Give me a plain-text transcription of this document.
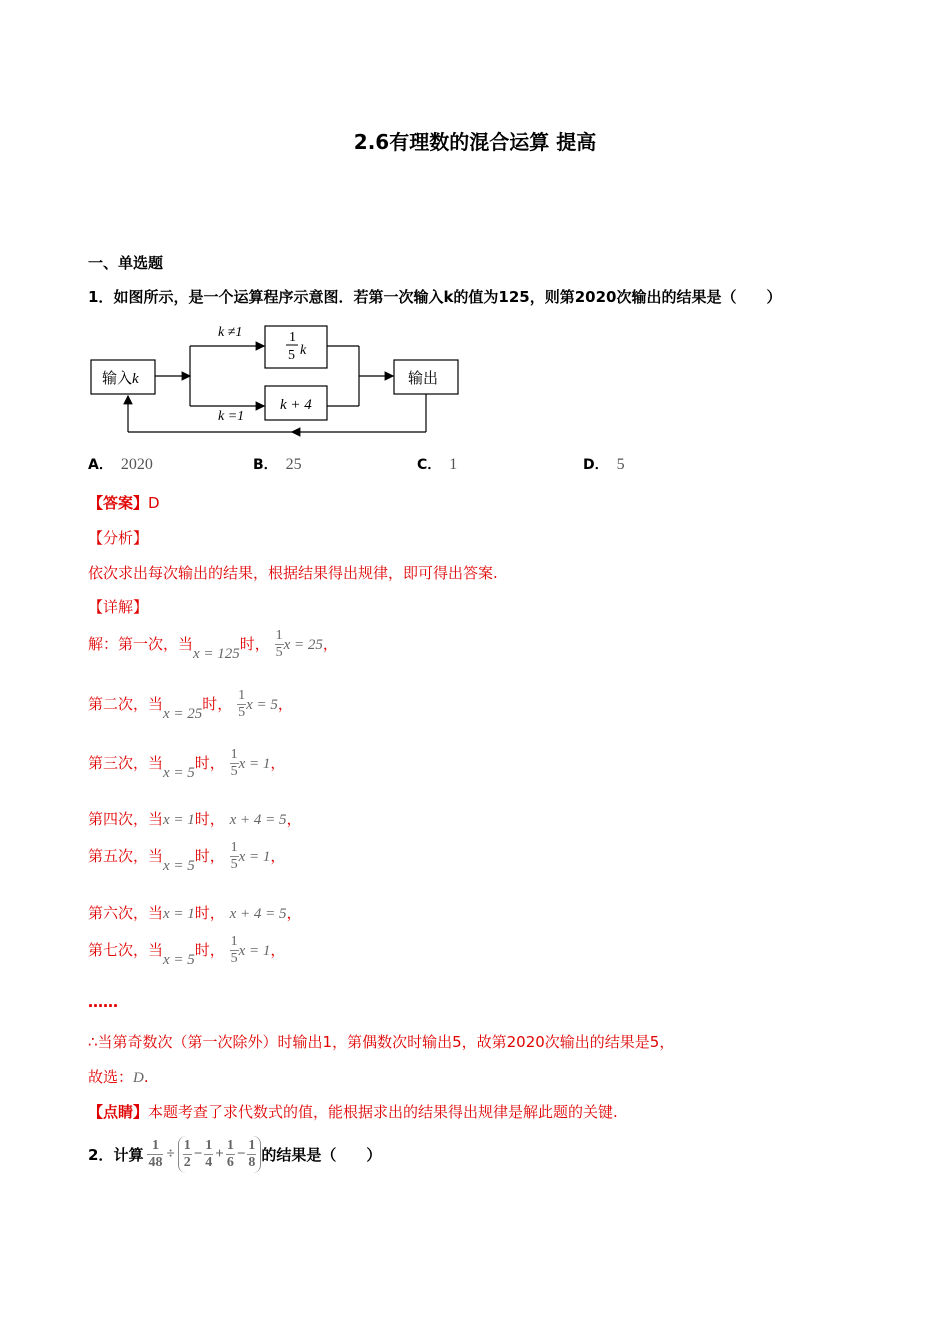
2.6有理数的混合运算 提高
一、单选题
1．如图所示，是一个运算程序示意图．若第一次输入k的值为125，则第2020次输出的结果是（　　）
输入k
k ≠1
k =1
1
5 k
k + 4
输出
A． 2020	B． 25	C． 1	D． 5
【答案】D
【分析】
依次求出每次输出的结果，根据结果得出规律，即可得出答案.
【详解】
解：第一次，当x = 125时， $\frac{1}{5}$ x = 25，
第二次，当x = 25时， $\frac{1}{5}$ x = 5，
第三次，当x = 5时， $\frac{1}{5}$ x = 1，
第四次，当x = 1时， x + 4 = 5，
第五次，当x = 5时， $\frac{1}{5}$ x = 1，
第六次，当x = 1时， x + 4 = 5，
第七次，当x = 5时， $\frac{1}{5}$ x = 1，
……
∴当第奇数次（第一次除外）时输出1，第偶数次时输出5，故第2020次输出的结果是5，
故选：D.
【点睛】本题考查了求代数式的值，能根据求出的结果得出规律是解此题的关键.
2． 计算 $\frac{1}{48} \div \frac{1}{2} - \frac{1}{4} + \frac{1}{6} - \frac{1}{8}$ 的结果是（　　）
